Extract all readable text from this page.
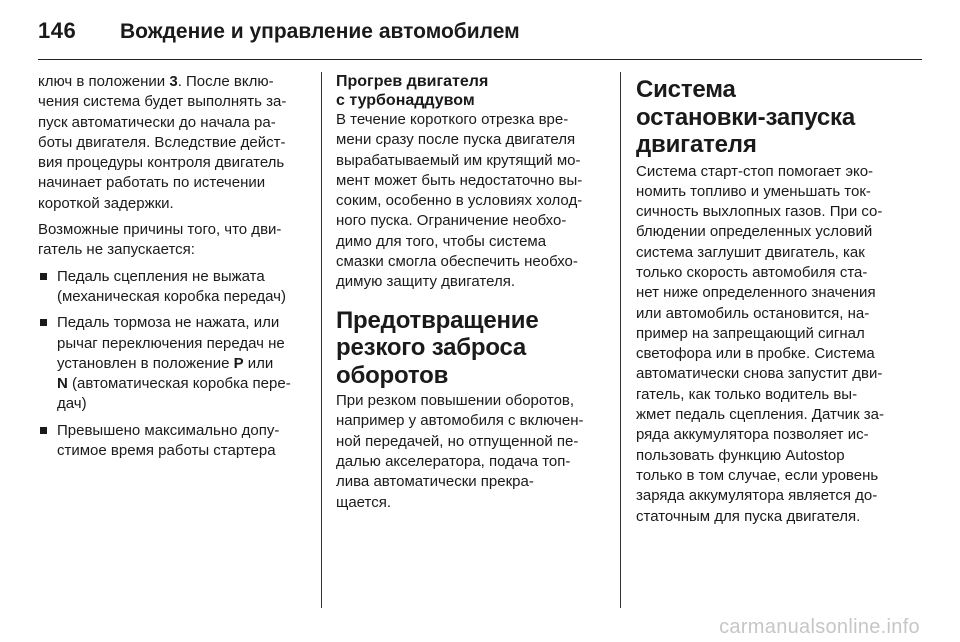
146	Вождение и управление автомобилем

ключ в положении 3. После вклю-
чения система будет выполнять за-
пуск автоматически до начала ра-
боты двигателя. Вследствие дейст-
вия процедуры контроля двигатель
начинает работать по истечении
короткой задержки.

Возможные причины того, что дви-
гатель не запускается:

Педаль сцепления не выжата
(механическая коробка передач)
Педаль тормоза не нажата, или
рычаг переключения передач не
установлен в положение P или
N (автоматическая коробка пере-
дач)
Превышено максимально допу-
стимое время работы стартера
Прогрев двигателя
с турбонаддувом

В течение короткого отрезка вре-
мени сразу после пуска двигателя
вырабатываемый им крутящий мо-
мент может быть недостаточно вы-
соким, особенно в условиях холод-
ного пуска. Ограничение необхо-
димо для того, чтобы система
смазки смогла обеспечить необхо-
димую защиту двигателя.

Предотвращение
резкого заброса
оборотов

При резком повышении оборотов,
например у автомобиля с включен-
ной передачей, но отпущенной пе-
далью акселератора, подача топ-
лива автоматически прекра-
щается.

Система
остановки-запуска
двигателя

Система старт-стоп помогает эко-
номить топливо и уменьшать ток-
сичность выхлопных газов. При со-
блюдении определенных условий
система заглушит двигатель, как
только скорость автомобиля ста-
нет ниже определенного значения
или автомобиль остановится, на-
пример на запрещающий сигнал
светофора или в пробке. Система
автоматически снова запустит дви-
гатель, как только водитель вы-
жмет педаль сцепления. Датчик за-
ряда аккумулятора позволяет ис-
пользовать функцию Autostop
только в том случае, если уровень
заряда аккумулятора является до-
статочным для пуска двигателя.

carmanualsonline.info
